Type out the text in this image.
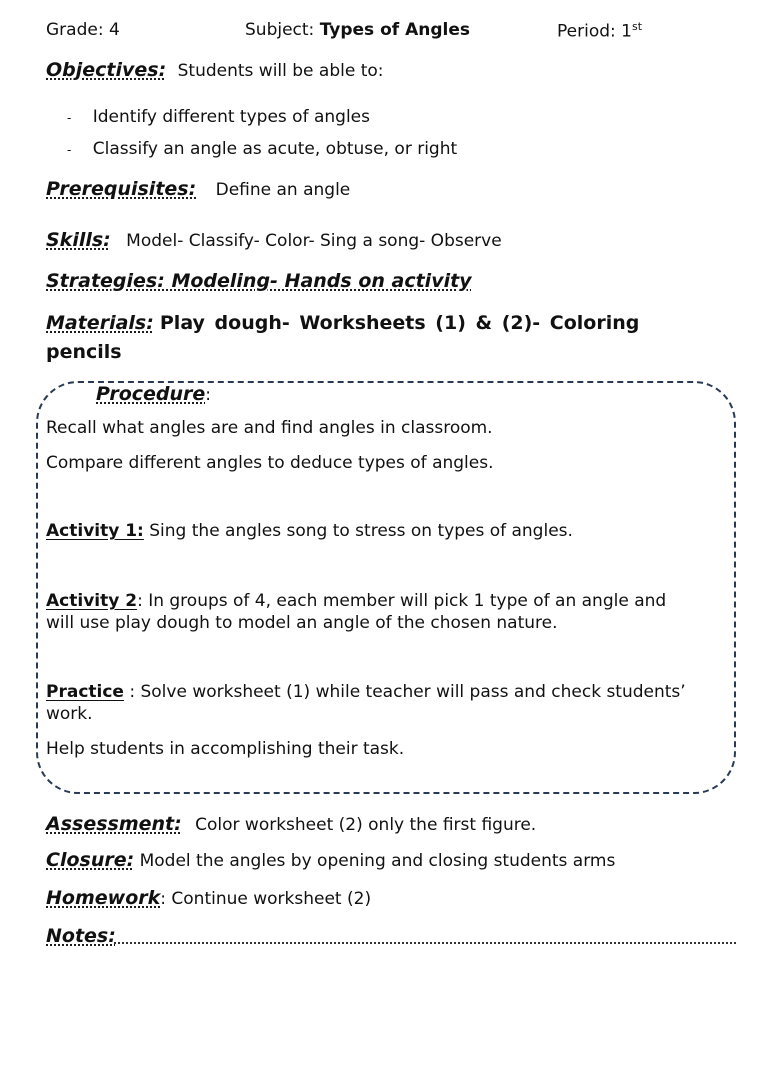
Grade: 4	Subject: Types of Angles	Period: 1st
Objectives: Students will be able to:
- Identify different types of angles
- Classify an angle as acute, obtuse, or right
Prerequisites: Define an angle
Skills: Model- Classify- Color- Sing a song- Observe
Strategies: Modeling- Hands on activity
Materials: Play dough- Worksheets (1) & (2)- Coloring
pencils
Procedure:
Recall what angles are and find angles in classroom.
Compare different angles to deduce types of angles.
Activity 1: Sing the angles song to stress on types of angles.
Activity 2: In groups of 4, each member will pick 1 type of an angle and
will use play dough to model an angle of the chosen nature.
Practice : Solve worksheet (1) while teacher will pass and check students’
work.
Help students in accomplishing their task.
Assessment: Color worksheet (2) only the first figure.
Closure: Model the angles by opening and closing students arms
Homework: Continue worksheet (2)
Notes:
